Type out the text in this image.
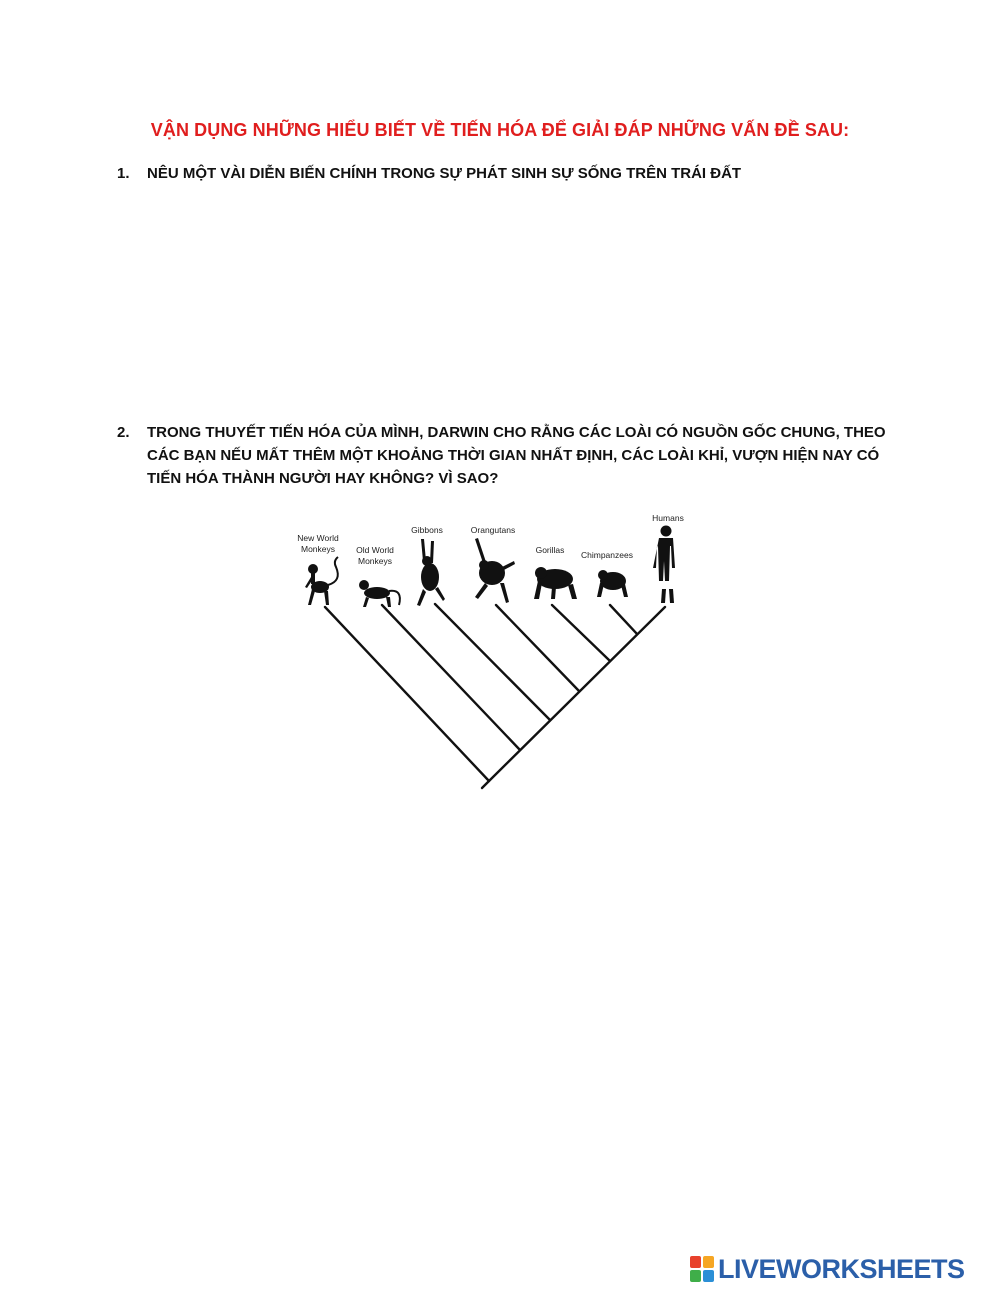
VẬN DỤNG NHỮNG HIỂU BIẾT VỀ TIẾN HÓA ĐỂ GIẢI ĐÁP NHỮNG VẤN ĐỀ SAU:
1. NÊU MỘT VÀI DIỄN BIẾN CHÍNH TRONG SỰ PHÁT SINH SỰ SỐNG TRÊN TRÁI ĐẤT
2. TRONG THUYẾT TIẾN HÓA CỦA MÌNH, DARWIN CHO RẰNG CÁC LOÀI CÓ NGUỒN GỐC CHUNG, THEO CÁC BẠN NẾU MẤT THÊM MỘT KHOẢNG THỜI GIAN NHẤT ĐỊNH, CÁC LOÀI KHỈ, VƯỢN HIỆN NAY CÓ TIẾN HÓA THÀNH NGƯỜI HAY KHÔNG? VÌ SAO?
New World
Monkeys Old World
Monkeys
Gibbons	Orangutans
Gorillas Chimpanzees
Humans
LIVEWORKSHEETS
